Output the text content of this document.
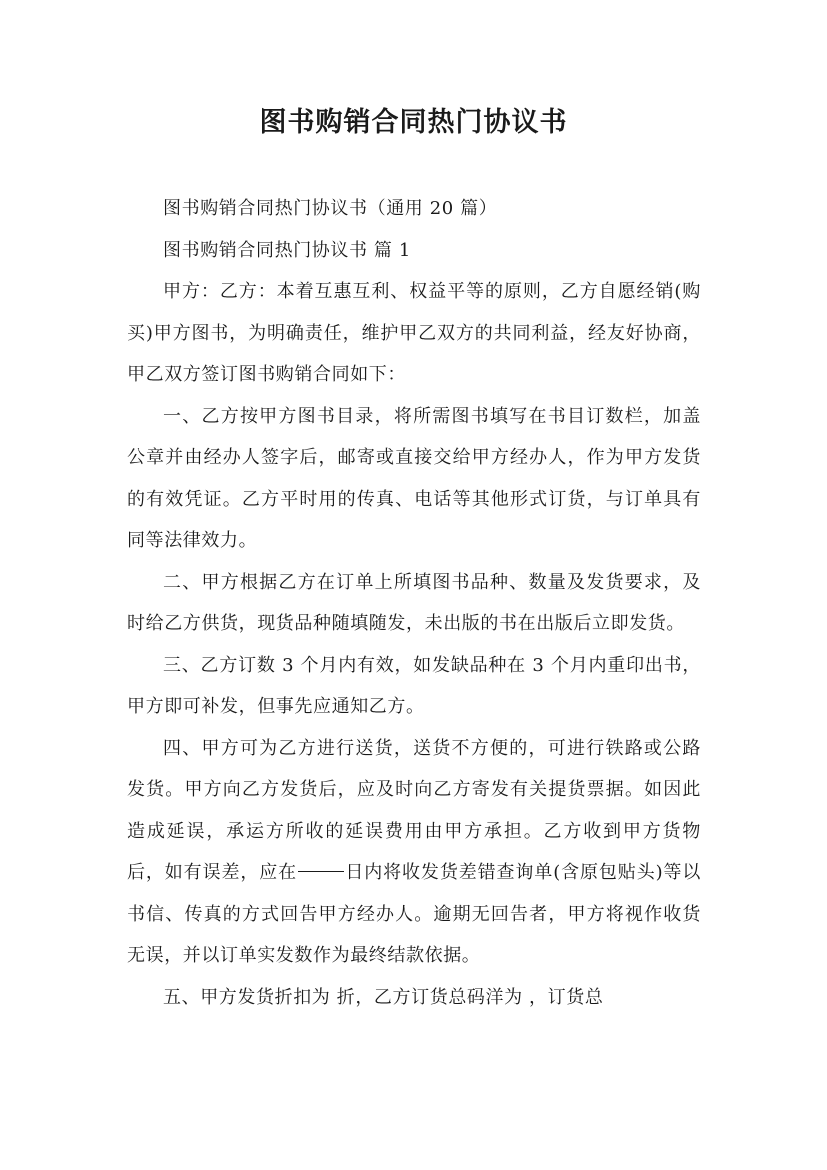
图书购销合同热门协议书

图书购销合同热门协议书（通用 20 篇）

图书购销合同热门协议书 篇 1

甲方：乙方：本着互惠互利、权益平等的原则，乙方自愿经销(购买)甲方图书，为明确责任，维护甲乙双方的共同利益，经友好协商，甲乙双方签订图书购销合同如下：

一、乙方按甲方图书目录，将所需图书填写在书目订数栏，加盖公章并由经办人签字后，邮寄或直接交给甲方经办人，作为甲方发货的有效凭证。乙方平时用的传真、电话等其他形式订货，与订单具有同等法律效力。

二、甲方根据乙方在订单上所填图书品种、数量及发货要求，及时给乙方供货，现货品种随填随发，未出版的书在出版后立即发货。

三、乙方订数 3 个月内有效，如发缺品种在 3 个月内重印出书，甲方即可补发，但事先应通知乙方。

四、甲方可为乙方进行送货，送货不方便的，可进行铁路或公路发货。甲方向乙方发货后，应及时向乙方寄发有关提货票据。如因此造成延误，承运方所收的延误费用由甲方承担。乙方收到甲方货物后，如有误差，应在	日内将收发货差错查询单(含原包贴头)等以书信、传真的方式回告甲方经办人。逾期无回告者，甲方将视作收货无误，并以订单实发数作为最终结款依据。

五、甲方发货折扣为 折，乙方订货总码洋为 ，订货总
